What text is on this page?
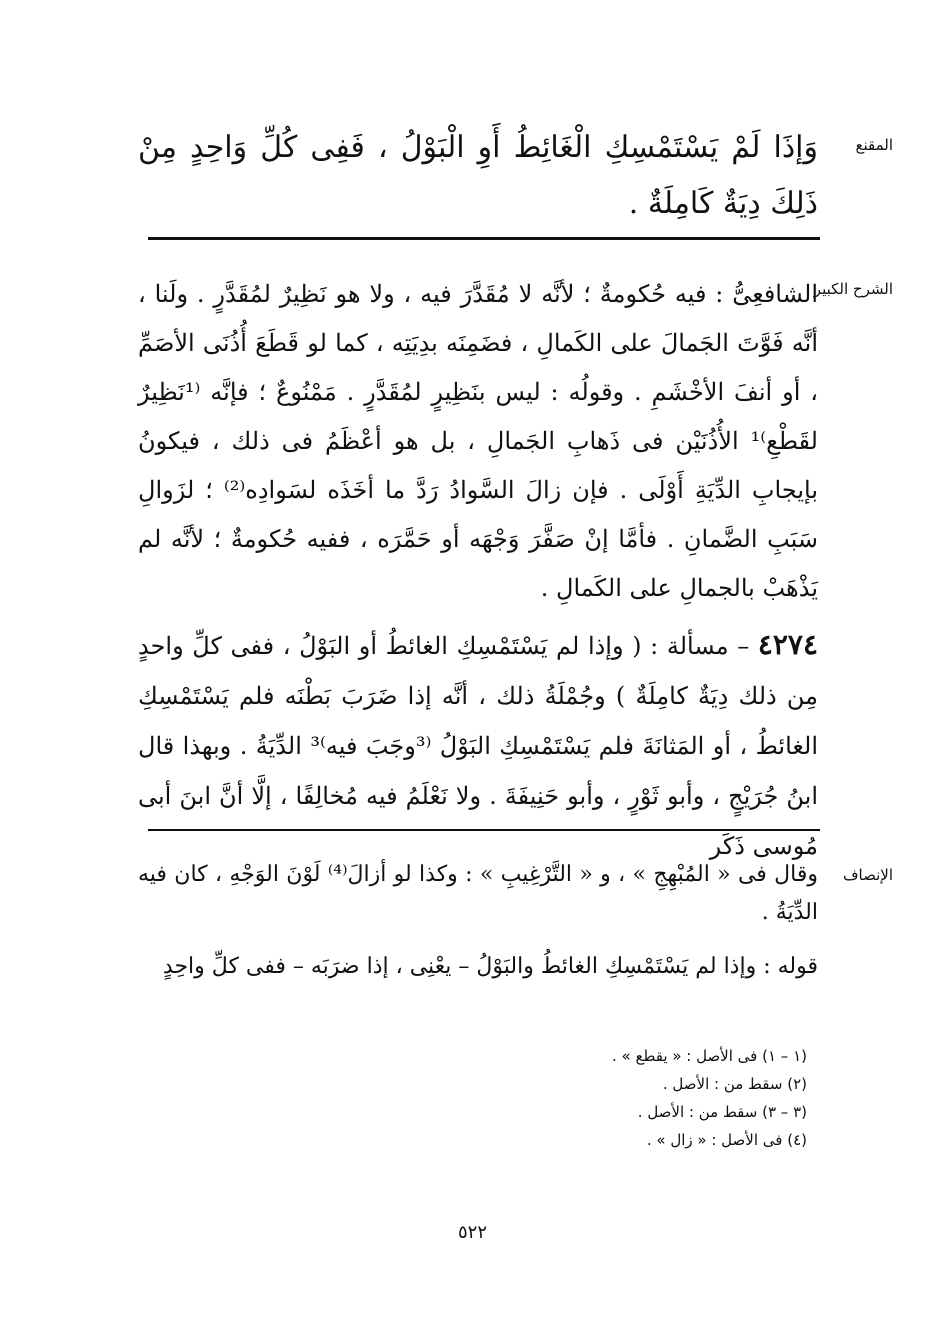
المقنع
وَإذَا لَمْ يَسْتَمْسِكِ الْغَائِطُ أَوِ الْبَوْلُ ، فَفِى كُلِّ وَاحِدٍ مِنْ ذَلِكَ دِيَةٌ كَامِلَةٌ .
الشرح الكبير
الشافعِىُّ : فيه حُكومةٌ ؛ لأنَّه لا مُقَدَّرَ فيه ، ولا هو نَظِيرٌ لمُقَدَّرٍ . ولَنا ، أنَّه فَوَّتَ الجَمالَ على الكَمالِ ، فضَمِنَه بدِيَتِه ، كما لو قَطَعَ أُذُنَى الأصَمِّ ، أو أنفَ الأخْشَمِ . وقولُه : ليس بنَظِيرٍ لمُقَدَّرٍ . مَمْنُوعٌ ؛ فإنَّه ⁽¹نَظِيرٌ لقَطْعِ⁾¹ الأُذُنَيْن فى ذَهابِ الجَمالِ ، بل هو أعْظَمُ فى ذلك ، فيكونُ بإيجابِ الدِّيَةِ أَوْلَى . فإن زالَ السَّوادُ رَدَّ ما أخَذَه لسَوادِه⁽²⁾ ؛ لزَوالِ سَبَبِ الضَّمانِ . فأمَّا إنْ صَفَّرَ وَجْهَه أو حَمَّرَه ، ففيه حُكومةٌ ؛ لأنَّه لم يَذْهَبْ بالجمالِ على الكَمالِ .
٤٢٧٤ – مسألة : ( وإذا لم يَسْتَمْسِكِ الغائطُ أو البَوْلُ ، ففى كلِّ واحدٍ مِن ذلك دِيَةٌ كامِلَةٌ ) وجُمْلَةُ ذلك ، أنَّه إذا ضَرَبَ بَطْنَه فلم يَسْتَمْسِكِ الغائطُ ، أو المَثانَةَ فلم يَسْتَمْسِكِ البَوْلُ ⁽³وجَبَ فيه⁾³ الدِّيَةُ . وبهذا قال ابنُ جُرَيْجٍ ، وأبو ثَوْرٍ ، وأبو حَنِيفَةَ . ولا نَعْلَمُ فيه مُخالِفًا ، إلَّا أنَّ ابنَ أبى مُوسى ذَكَر
الإنصاف
وقال فى « المُبْهِجِ » ، و « التَّرْغِيبِ » : وكذا لو أزالَ⁽⁴⁾ لَوْنَ الوَجْهِ ، كان فيه الدِّيَةُ .
قوله : وإذا لم يَسْتَمْسِكِ الغائطُ والبَوْلُ – يعْنِى ، إذا ضرَبَه – ففى كلِّ واحِدٍ
(١ – ١) فى الأصل : « يقطع » .
(٢) سقط من : الأصل .
(٣ – ٣) سقط من : الأصل .
(٤) فى الأصل : « زال » .
٥٢٢
